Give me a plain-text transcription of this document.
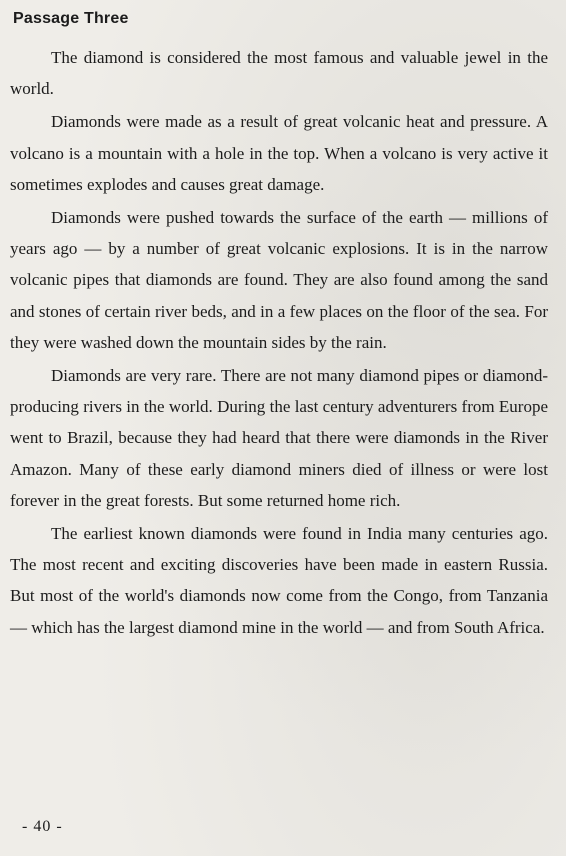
Passage Three

The diamond is considered the most famous and valuable jewel in the world.

Diamonds were made as a result of great volcanic heat and pressure. A volcano is a mountain with a hole in the top. When a volcano is very active it sometimes explodes and causes great damage.

Diamonds were pushed towards the surface of the earth — millions of years ago — by a number of great volcanic explosions. It is in the narrow volcanic pipes that diamonds are found. They are also found among the sand and stones of certain river beds, and in a few places on the floor of the sea. For they were washed down the mountain sides by the rain.

Diamonds are very rare. There are not many diamond pipes or diamond-producing rivers in the world. During the last century adventurers from Europe went to Brazil, because they had heard that there were diamonds in the River Amazon. Many of these early diamond miners died of illness or were lost forever in the great forests. But some returned home rich.

The earliest known diamonds were found in India many centuries ago. The most recent and exciting discoveries have been made in eastern Russia. But most of the world's diamonds now come from the Congo, from Tanzania — which has the largest diamond mine in the world — and from South Africa.

- 40 -
